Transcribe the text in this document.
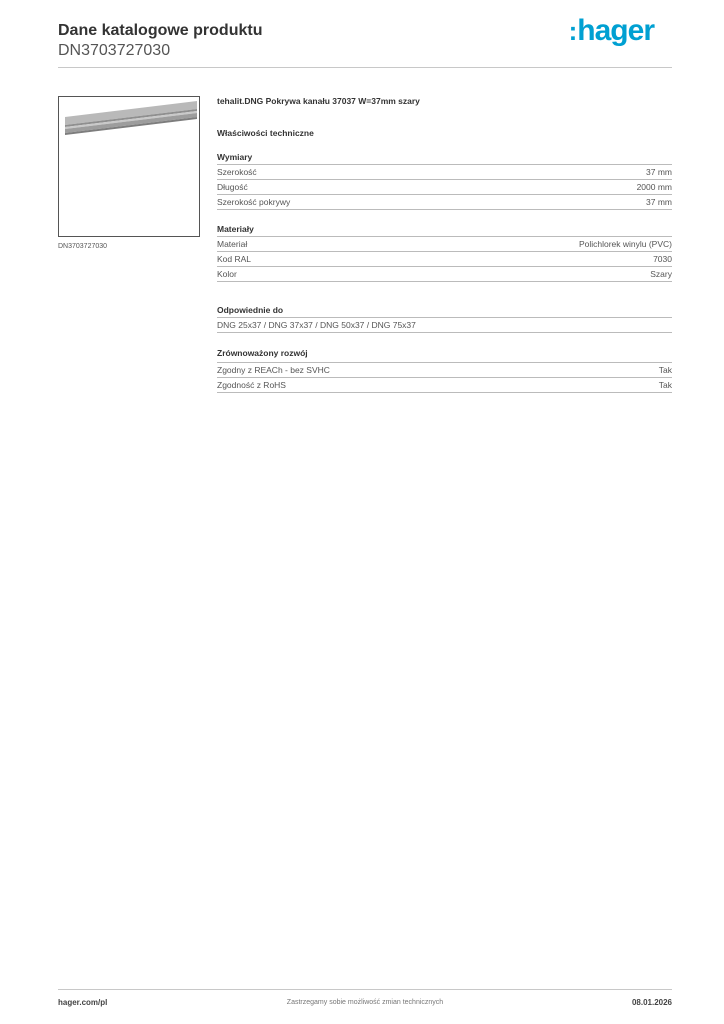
Dane katalogowe produktu
DN3703727030
:hager
DN3703727030
tehalit.DNG Pokrywa kanału 37037 W=37mm szary
Właściwości techniczne
Wymiary
Szerokość	37 mm
Długość	2000 mm
Szerokość pokrywy	37 mm
Materiały
Materiał	Polichlorek winylu (PVC)
Kod RAL	7030
Kolor	Szary
Odpowiednie do
DNG 25x37 / DNG 37x37 / DNG 50x37 / DNG 75x37
Zrównoważony rozwój
Zgodny z REACh - bez SVHC	Tak
Zgodność z RoHS	Tak
hager.com/pl	Zastrzegamy sobie możliwość zmian technicznych	08.01.2026
